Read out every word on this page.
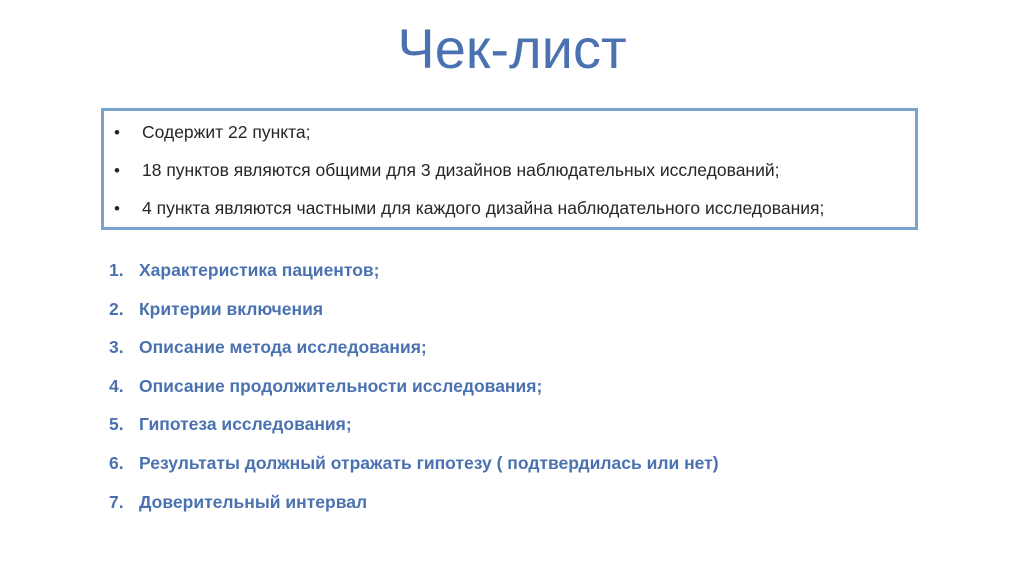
Чек-лист
•	Содержит 22 пункта;
•	18 пунктов являются общими для 3 дизайнов наблюдательных исследований;
•	4 пункта являются частными для каждого дизайна наблюдательного исследования;
1. Характеристика пациентов;
2. Критерии включения
3. Описание метода исследования;
4. Описание продолжительности исследования;
5. Гипотеза исследования;
6. Результаты должный отражать гипотезу ( подтвердилась или нет)
7. Доверительный интервал
